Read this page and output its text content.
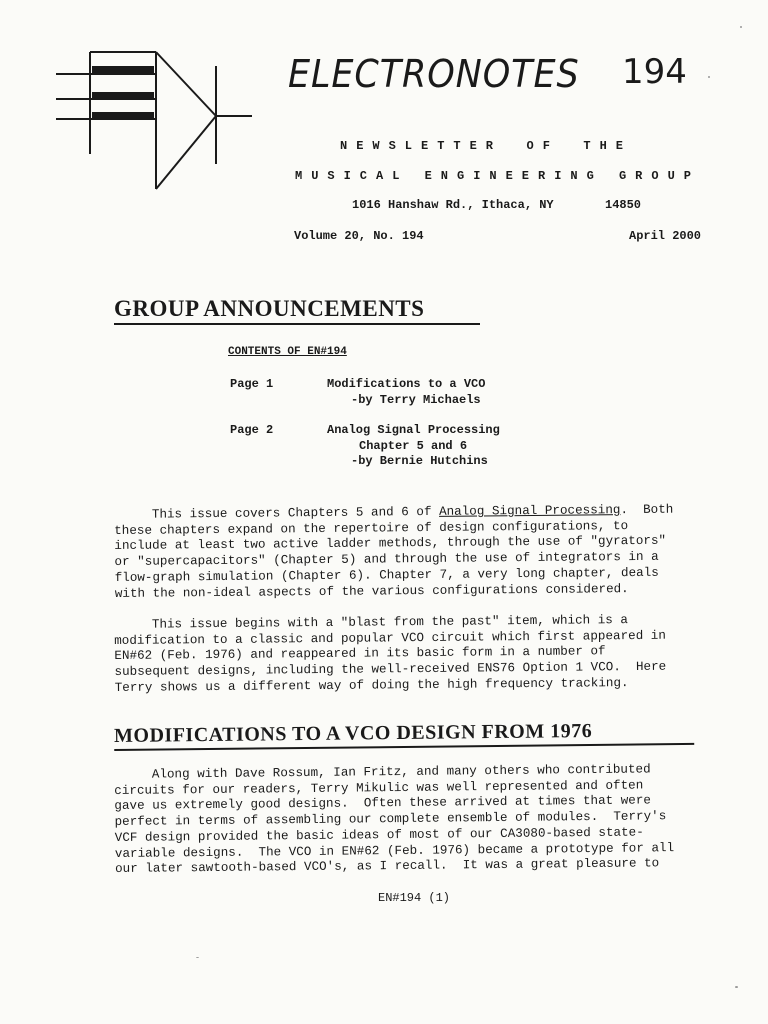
ELECTRONOTES 194
NEWSLETTER OF THE
MUSICAL ENGINEERING GROUP
1016 Hanshaw Rd., Ithaca, NY	14850
Volume 20, No. 194	April 2000
GROUP ANNOUNCEMENTS
CONTENTS OF EN#194
Page 1	Modifications to a VCO
-by Terry Michaels
Page 2	Analog Signal Processing
Chapter 5 and 6
-by Bernie Hutchins
This issue covers Chapters 5 and 6 of Analog Signal Processing.  Both
these chapters expand on the repertoire of design configurations, to
include at least two active ladder methods, through the use of "gyrators"
or "supercapacitors" (Chapter 5) and through the use of integrators in a
flow-graph simulation (Chapter 6). Chapter 7, a very long chapter, deals
with the non-ideal aspects of the various configurations considered.
This issue begins with a "blast from the past" item, which is a
modification to a classic and popular VCO circuit which first appeared in
EN#62 (Feb. 1976) and reappeared in its basic form in a number of
subsequent designs, including the well-received ENS76 Option 1 VCO.  Here
Terry shows us a different way of doing the high frequency tracking.
MODIFICATIONS TO A VCO DESIGN FROM 1976
Along with Dave Rossum, Ian Fritz, and many others who contributed
circuits for our readers, Terry Mikulic was well represented and often
gave us extremely good designs.  Often these arrived at times that were
perfect in terms of assembling our complete ensemble of modules.  Terry's
VCF design provided the basic ideas of most of our CA3080-based state-
variable designs.  The VCO in EN#62 (Feb. 1976) became a prototype for all
our later sawtooth-based VCO's, as I recall.  It was a great pleasure to
EN#194 (1)
